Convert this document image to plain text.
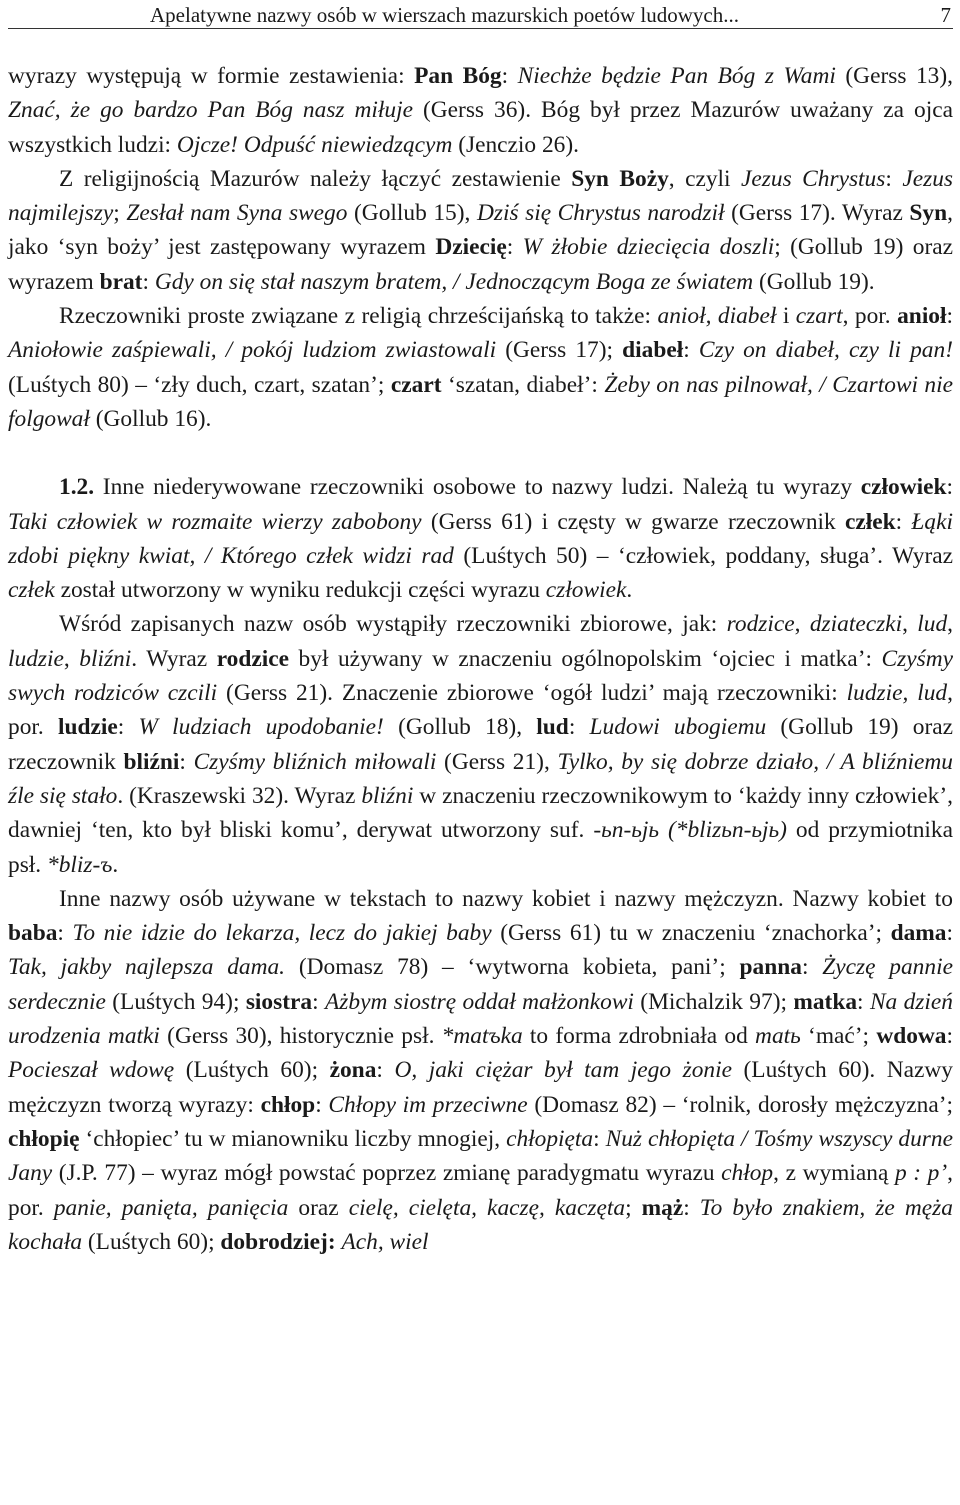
Apelatywne nazwy osób w wierszach mazurskich poetów ludowych...	7

wyrazy występują w formie zestawienia: Pan Bóg: Niechże będzie Pan Bóg z Wami (Gerss 13), Znać, że go bardzo Pan Bóg nasz miłuje (Gerss 36). Bóg był przez Mazurów uważany za ojca wszystkich ludzi: Ojcze! Odpuść niewiedzącym (Jenczio 26).

Z religijnością Mazurów należy łączyć zestawienie Syn Boży, czyli Jezus Chrystus: Jezus najmilejszy; Zesłał nam Syna swego (Gollub 15), Dziś się Chrystus narodził (Gerss 17). Wyraz Syn, jako ‘syn boży’ jest zastępowany wyrazem Dziecię: W żłobie dziecięcia doszli; (Gollub 19) oraz wyrazem brat: Gdy on się stał naszym bratem, / Jednoczącym Boga ze światem (Gollub 19).

Rzeczowniki proste związane z religią chrześcijańską to także: anioł, diabeł i czart, por. anioł: Aniołowie zaśpiewali, / pokój ludziom zwiastowali (Gerss 17); diabeł: Czy on diabeł, czy li pan! (Luśtych 80) – ‘zły duch, czart, szatan’; czart ‘szatan, diabeł’: Żeby on nas pilnował, / Czartowi nie folgował (Gollub 16).

1.2. Inne niederywowane rzeczowniki osobowe to nazwy ludzi. Należą tu wyrazy człowiek: Taki człowiek w rozmaite wierzy zabobony (Gerss 61) i częsty w gwarze rzeczownik człek: Łąki zdobi piękny kwiat, / Którego człek widzi rad (Luśtych 50) – ‘człowiek, poddany, sługa’. Wyraz człek został utworzony w wyniku redukcji części wyrazu człowiek.

Wśród zapisanych nazw osób wystąpiły rzeczowniki zbiorowe, jak: rodzice, dziateczki, lud, ludzie, bliźni. Wyraz rodzice był używany w znaczeniu ogólnopolskim ‘ojciec i matka’: Czyśmy swych rodziców czcili (Gerss 21). Znaczenie zbiorowe ‘ogół ludzi’ mają rzeczowniki: ludzie, lud, por. ludzie: W ludziach upodobanie! (Gollub 18), lud: Ludowi ubogiemu (Gollub 19) oraz rzeczownik bliźni: Czyśmy bliźnich miłowali (Gerss 21), Tylko, by się dobrze działo, / A bliźniemu źle się stało. (Kraszewski 32). Wyraz bliźni w znaczeniu rzeczownikowym to ‘każdy inny człowiek’, dawniej ‘ten, kto był bliski komu’, derywat utworzony suf. -ьn-ьjь (*blizьn-ьjь) od przymiotnika psł. *bliz-ъ.

Inne nazwy osób używane w tekstach to nazwy kobiet i nazwy mężczyzn. Nazwy kobiet to baba: To nie idzie do lekarza, lecz do jakiej baby (Gerss 61) tu w znaczeniu ‘znachorka’; dama: Tak, jakby najlepsza dama. (Domasz 78) – ‘wytworna kobieta, pani’; panna: Życzę pannie serdecznie (Luśtych 94); siostra: Ażbym siostrę oddał małżonkowi (Michalzik 97); matka: Na dzień urodzenia matki (Gerss 30), historycznie psł. *matъka to forma zdrobniała od matь ‘mać’; wdowa: Pocieszał wdowę (Luśtych 60); żona: O, jaki ciężar był tam jego żonie (Luśtych 60). Nazwy mężczyzn tworzą wyrazy: chłop: Chłopy im przeciwne (Domasz 82) – ‘rolnik, dorosły mężczyzna’; chłopię ‘chłopiec’ tu w mianowniku liczby mnogiej, chłopięta: Nuż chłopięta / Tośmy wszyscy durne Jany (J.P. 77) – wyraz mógł powstać poprzez zmianę paradygmatu wyrazu chłop, z wymianą p : p’, por. panie, panięta, panięcia oraz cielę, cielęta, kaczę, kaczęta; mąż: To było znakiem, że męża kochała (Luśtych 60); dobrodziej: Ach, wiel
